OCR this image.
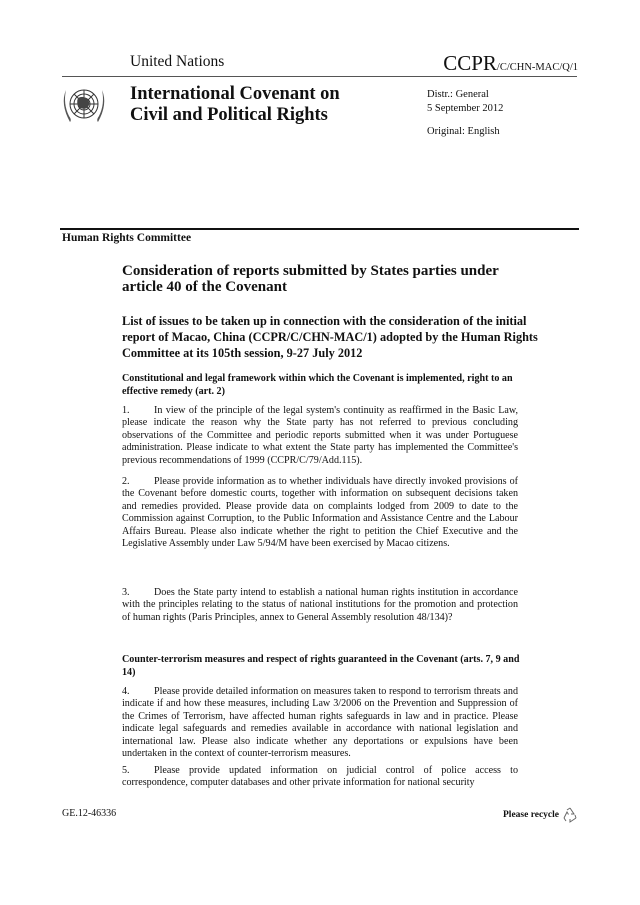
United Nations	CCPR/C/CHN-MAC/Q/1
International Covenant on
Civil and Political Rights
Distr.: General
5 September 2012
Original: English
Human Rights Committee
Consideration of reports submitted by States parties under article 40 of the Covenant
List of issues to be taken up in connection with the consideration of the initial report of Macao, China (CCPR/C/CHN-MAC/1) adopted by the Human Rights Committee at its 105th session, 9-27 July 2012
Constitutional and legal framework within which the Covenant is implemented, right to an effective remedy (art. 2)
1. In view of the principle of the legal system's continuity as reaffirmed in the Basic Law, please indicate the reason why the State party has not referred to previous concluding observations of the Committee and periodic reports submitted when it was under Portuguese administration. Please indicate to what extent the State party has implemented the Committee's previous recommendations of 1999 (CCPR/C/79/Add.115).
2. Please provide information as to whether individuals have directly invoked provisions of the Covenant before domestic courts, together with information on subsequent decisions taken and remedies provided. Please provide data on complaints lodged from 2009 to date to the Commission against Corruption, to the Public Information and Assistance Centre and the Labour Affairs Bureau. Please also indicate whether the right to petition the Chief Executive and the Legislative Assembly under Law 5/94/M have been exercised by Macao citizens.
3. Does the State party intend to establish a national human rights institution in accordance with the principles relating to the status of national institutions for the promotion and protection of human rights (Paris Principles, annex to General Assembly resolution 48/134)?
Counter-terrorism measures and respect of rights guaranteed in the Covenant (arts. 7, 9 and 14)
4. Please provide detailed information on measures taken to respond to terrorism threats and indicate if and how these measures, including Law 3/2006 on the Prevention and Suppression of the Crimes of Terrorism, have affected human rights safeguards in law and in practice. Please indicate legal safeguards and remedies available in accordance with national legislation and international law. Please also indicate whether any deportations or expulsions have been undertaken in the context of counter-terrorism measures.
5. Please provide updated information on judicial control of police access to correspondence, computer databases and other private information for national security
GE.12-46336	Please recycle
